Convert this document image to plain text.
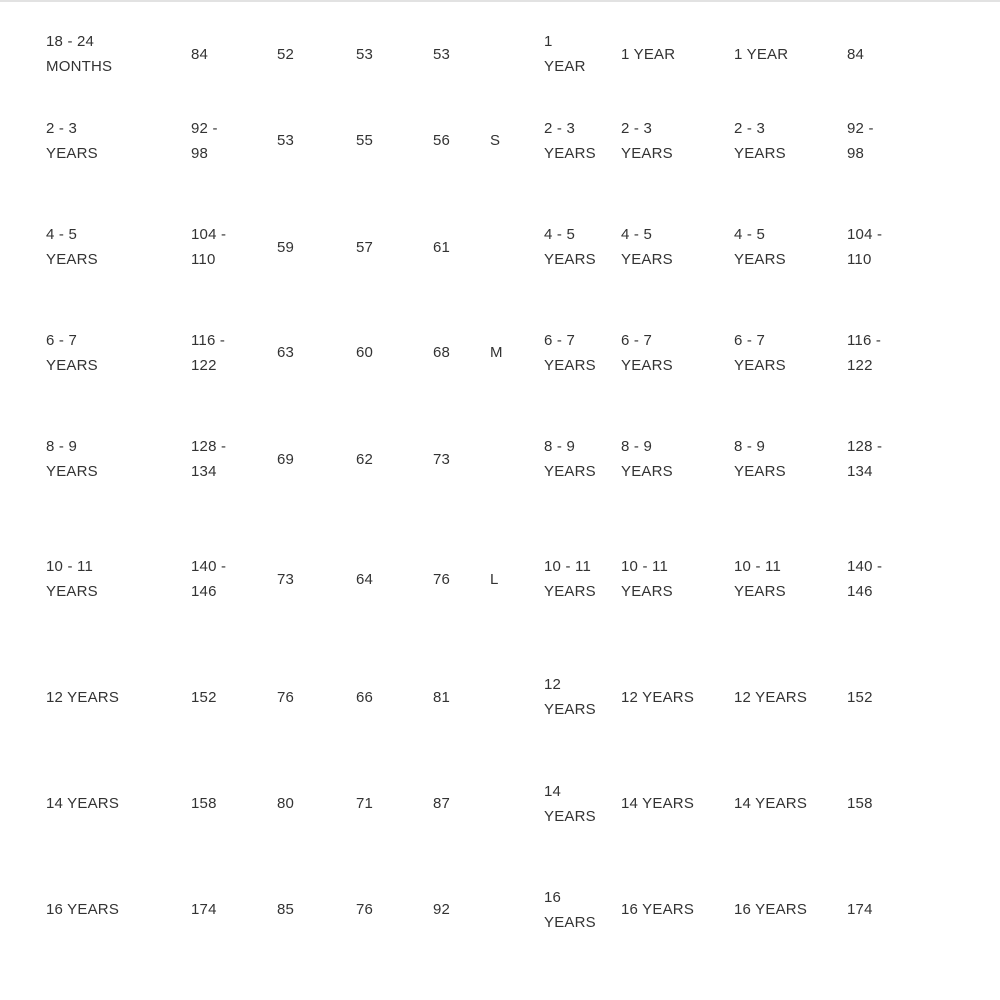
18 - 24 MONTHS	84	52	53	53		1 YEAR	1 YEAR	1 YEAR	84

2 - 3 YEARS	92 - 98	53	55	56	S	2 - 3 YEARS	2 - 3 YEARS	2 - 3 YEARS	92 - 98

4 - 5 YEARS	104 - 110	59	57	61		4 - 5 YEARS	4 - 5 YEARS	4 - 5 YEARS	104 - 110

6 - 7 YEARS	116 - 122	63	60	68	M	6 - 7 YEARS	6 - 7 YEARS	6 - 7 YEARS	116 - 122

8 - 9 YEARS	128 - 134	69	62	73		8 - 9 YEARS	8 - 9 YEARS	8 - 9 YEARS	128 - 134

10 - 11 YEARS	140 - 146	73	64	76	L	10 - 11 YEARS	10 - 11 YEARS	10 - 11 YEARS	140 - 146

12 YEARS	152	76	66	81		12 YEARS	12 YEARS	12 YEARS	152

14 YEARS	158	80	71	87		14 YEARS	14 YEARS	14 YEARS	158

16 YEARS	174	85	76	92		16 YEARS	16 YEARS	16 YEARS	174
